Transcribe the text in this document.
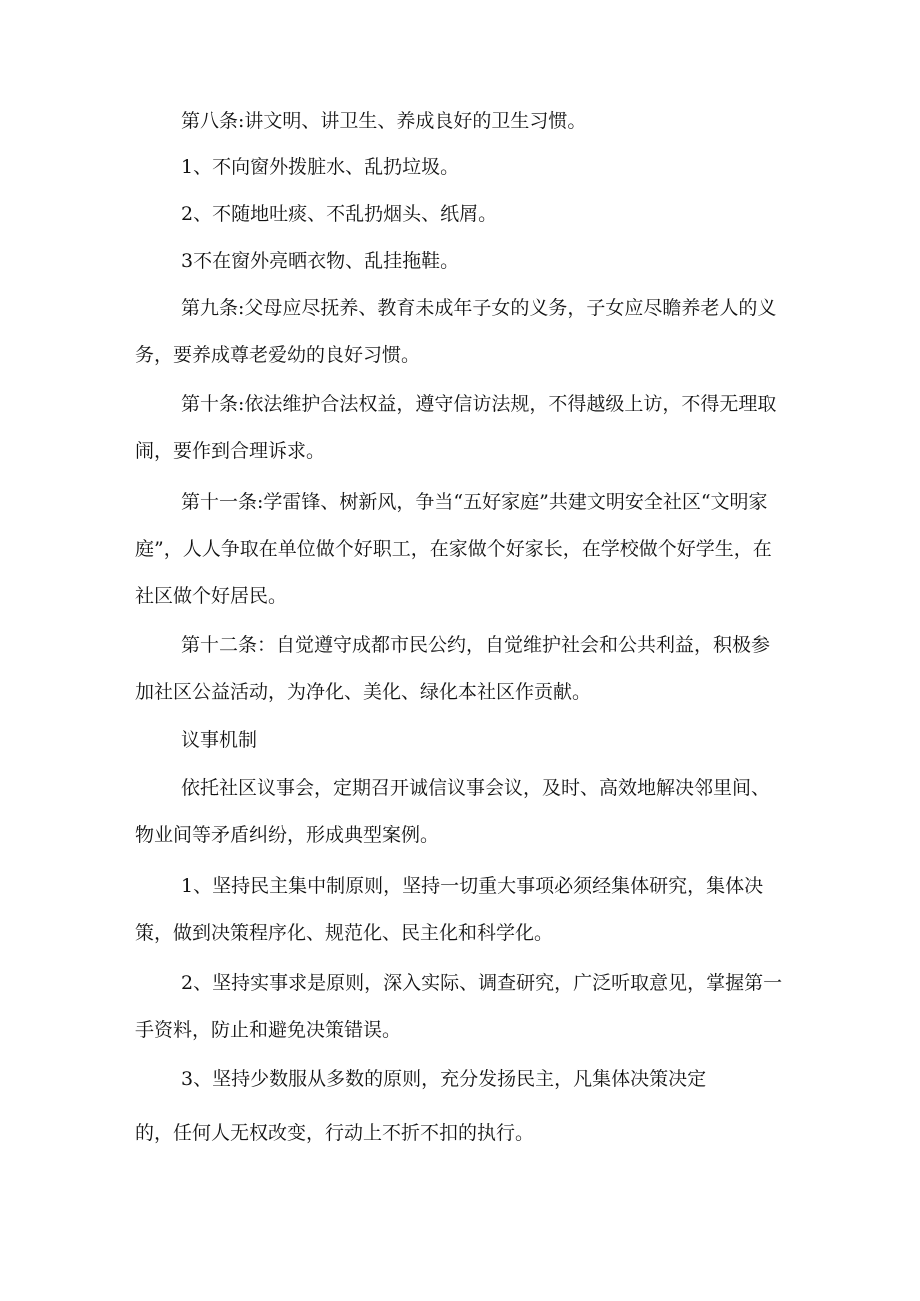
第八条:讲文明、讲卫生、养成良好的卫生习惯。

1、不向窗外拨脏水、乱扔垃圾。

2、不随地吐痰、不乱扔烟头、纸屑。

3不在窗外亮晒衣物、乱挂拖鞋。

第九条:父母应尽抚养、教育未成年子女的义务，子女应尽瞻养老人的义务，要养成尊老爱幼的良好习惯。

第十条:依法维护合法权益，遵守信访法规，不得越级上访，不得无理取闹，要作到合理诉求。

第十一条:学雷锋、树新风，争当“五好家庭”共建文明安全社区“文明家庭”，人人争取在单位做个好职工，在家做个好家长，在学校做个好学生，在社区做个好居民。

第十二条：自觉遵守成都市民公约，自觉维护社会和公共利益，积极参加社区公益活动，为净化、美化、绿化本社区作贡献。

议事机制

依托社区议事会，定期召开诚信议事会议，及时、高效地解决邻里间、物业间等矛盾纠纷，形成典型案例。

1、坚持民主集中制原则，坚持一切重大事项必须经集体研究，集体决策，做到决策程序化、规范化、民主化和科学化。

2、坚持实事求是原则，深入实际、调查研究，广泛听取意见，掌握第一手资料，防止和避免决策错误。

3、坚持少数服从多数的原则，充分发扬民主，凡集体决策决定

的，任何人无权改变，行动上不折不扣的执行。
